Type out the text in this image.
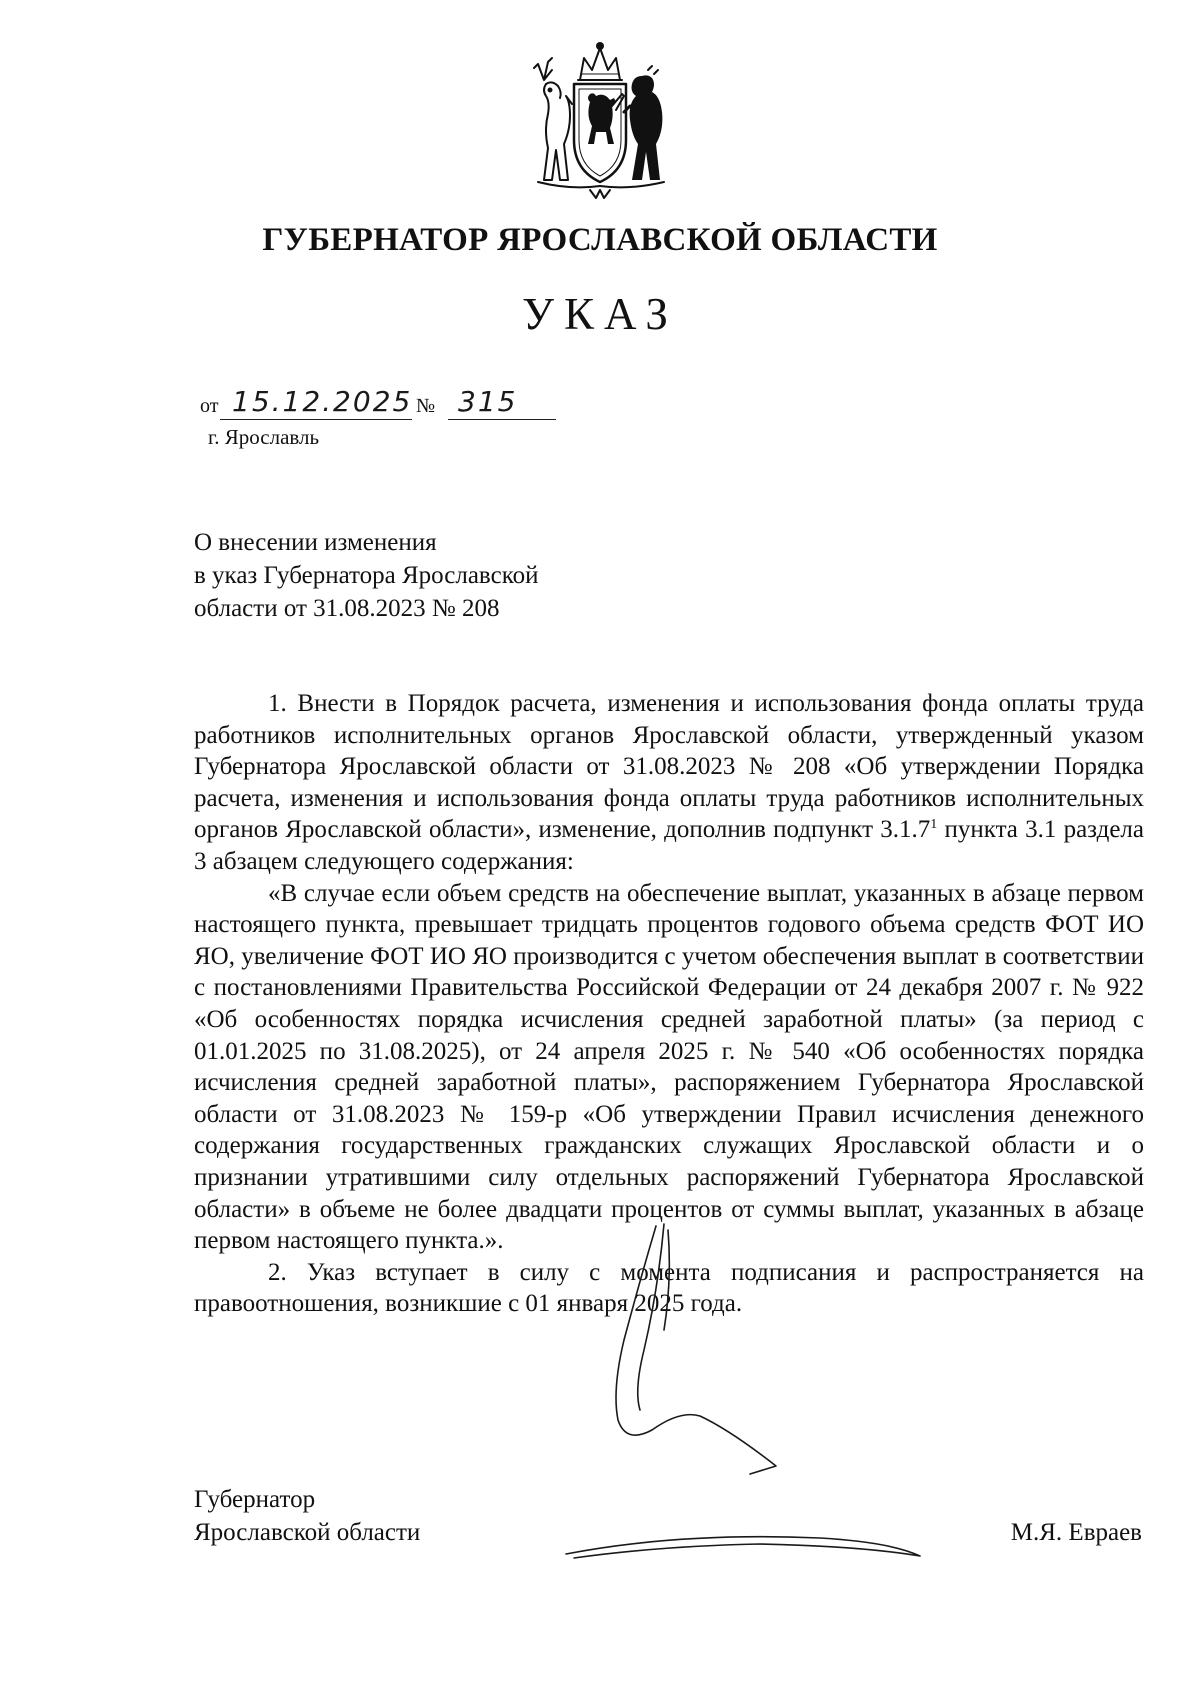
ГУБЕРНАТОР ЯРОСЛАВСКОЙ ОБЛАСТИ
УКАЗ
от 15.12.2025 № 315
г. Ярославль
О внесении изменения
в указ Губернатора Ярославской
области от 31.08.2023 № 208

1. Внести в Порядок расчета, изменения и использования фонда оплаты труда работников исполнительных органов Ярославской области, утвержденный указом Губернатора Ярославской области от 31.08.2023 № 208 «Об утверждении Порядка расчета, изменения и использования фонда оплаты труда работников исполнительных органов Ярославской области», изменение, дополнив подпункт 3.1.7$^1$ пункта 3.1 раздела 3 абзацем следующего содержания:

«В случае если объем средств на обеспечение выплат, указанных в абзаце первом настоящего пункта, превышает тридцать процентов годового объема средств ФОТ ИО ЯО, увеличение ФОТ ИО ЯО производится с учетом обеспечения выплат в соответствии с постановлениями Правительства Российской Федерации от 24 декабря 2007 г. № 922 «Об особенностях порядка исчисления средней заработной платы» (за период с 01.01.2025 по 31.08.2025), от 24 апреля 2025 г. № 540 «Об особенностях порядка исчисления средней заработной платы», распоряжением Губернатора Ярославской области от 31.08.2023 № 159-р «Об утверждении Правил исчисления денежного содержания государственных гражданских служащих Ярославской области и о признании утратившими силу отдельных распоряжений Губернатора Ярославской области» в объеме не более двадцати процентов от суммы выплат, указанных в абзаце первом настоящего пункта.».

2. Указ вступает в силу с момента подписания и распространяется на правоотношения, возникшие с 01 января 2025 года.

Губернатор
Ярославской области	М.Я. Евраев
